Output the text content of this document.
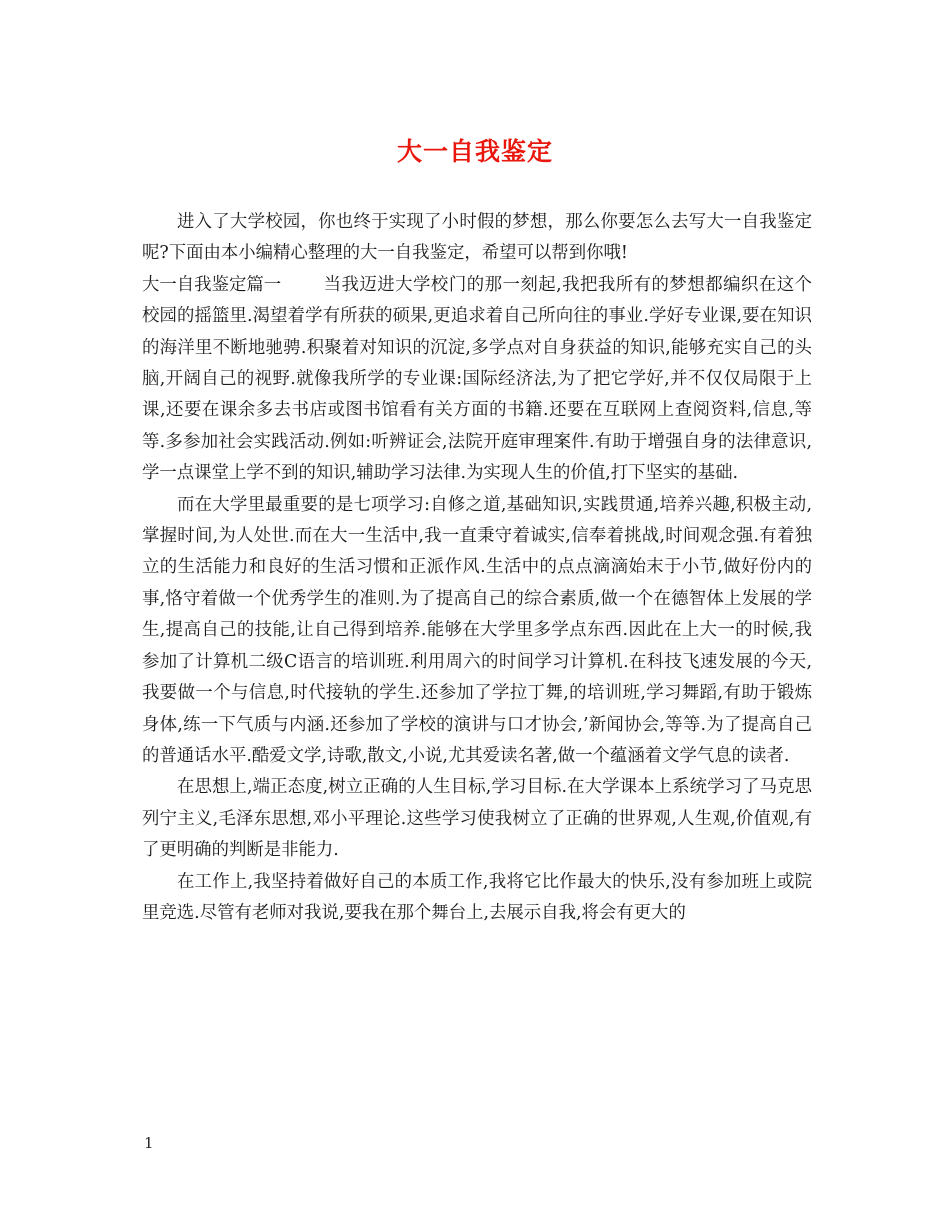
大一自我鉴定

进入了大学校园，你也终于实现了小时假的梦想，那么你要怎么去写大一自我鉴定呢?下面由本小编精心整理的大一自我鉴定，希望可以帮到你哦!

大一自我鉴定篇一 当我迈进大学校门的那一刻起,我把我所有的梦想都编织在这个校园的摇篮里.渴望着学有所获的硕果,更追求着自己所向往的事业.学好专业课,要在知识的海洋里不断地驰骋.积聚着对知识的沉淀,多学点对自身获益的知识,能够充实自己的头脑,开阔自己的视野.就像我所学的专业课:国际经济法,为了把它学好,并不仅仅局限于上课,还要在课余多去书店或图书馆看有关方面的书籍.还要在互联网上查阅资料,信息,等等.多参加社会实践活动.例如:听辨证会,法院开庭审理案件.有助于增强自身的法律意识,学一点课堂上学不到的知识,辅助学习法律.为实现人生的价值,打下坚实的基础.

而在大学里最重要的是七项学习:自修之道,基础知识,实践贯通,培养兴趣,积极主动,掌握时间,为人处世.而在大一生活中,我一直秉守着诚实,信奉着挑战,时间观念强.有着独立的生活能力和良好的生活习惯和正派作风.生活中的点点滴滴始末于小节,做好份内的事,恪守着做一个优秀学生的准则.为了提高自己的综合素质,做一个在德智体上发展的学生,提高自己的技能,让自己得到培养.能够在大学里多学点东西.因此在上大一的时候,我参加了计算机二级C语言的培训班.利用周六的时间学习计算机.在科技飞速发展的今天,我要做一个与信息,时代接轨的学生.还参加了学拉丁舞,的培训班,学习舞蹈,有助于锻炼身体,练一下气质与内涵.还参加了学校的演讲与口才协会,’新闻协会,等等.为了提高自己的普通话水平.酷爱文学,诗歌,散文,小说,尤其爱读名著,做一个蕴涵着文学气息的读者.

在思想上,端正态度,树立正确的人生目标,学习目标.在大学课本上系统学习了马克思列宁主义,毛泽东思想,邓小平理论.这些学习使我树立了正确的世界观,人生观,价值观,有了更明确的判断是非能力.

在工作上,我坚持着做好自己的本质工作,我将它比作最大的快乐,没有参加班上或院里竞选.尽管有老师对我说,要我在那个舞台上,去展示自我,将会有更大的

1
